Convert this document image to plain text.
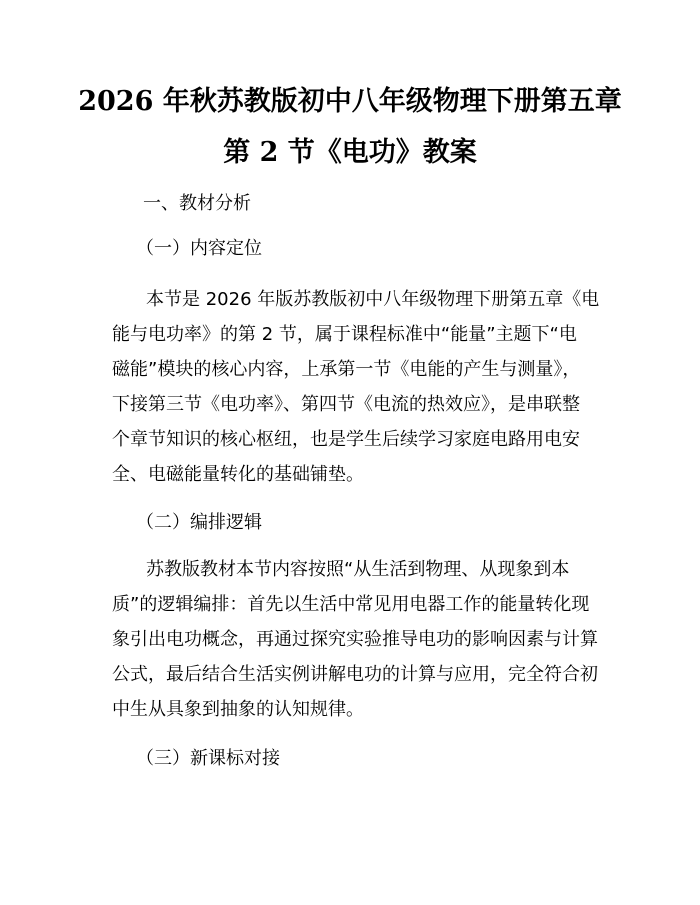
2026 年秋苏教版初中八年级物理下册第五章
第 2 节《电功》教案
一、教材分析
（一）内容定位
本节是 2026 年版苏教版初中八年级物理下册第五章《电
能与电功率》的第 2 节，属于课程标准中“能量”主题下“电
磁能”模块的核心内容，上承第一节《电能的产生与测量》，
下接第三节《电功率》、第四节《电流的热效应》，是串联整
个章节知识的核心枢纽，也是学生后续学习家庭电路用电安
全、电磁能量转化的基础铺垫。
（二）编排逻辑
苏教版教材本节内容按照“从生活到物理、从现象到本
质”的逻辑编排：首先以生活中常见用电器工作的能量转化现
象引出电功概念，再通过探究实验推导电功的影响因素与计算
公式，最后结合生活实例讲解电功的计算与应用，完全符合初
中生从具象到抽象的认知规律。
（三）新课标对接
